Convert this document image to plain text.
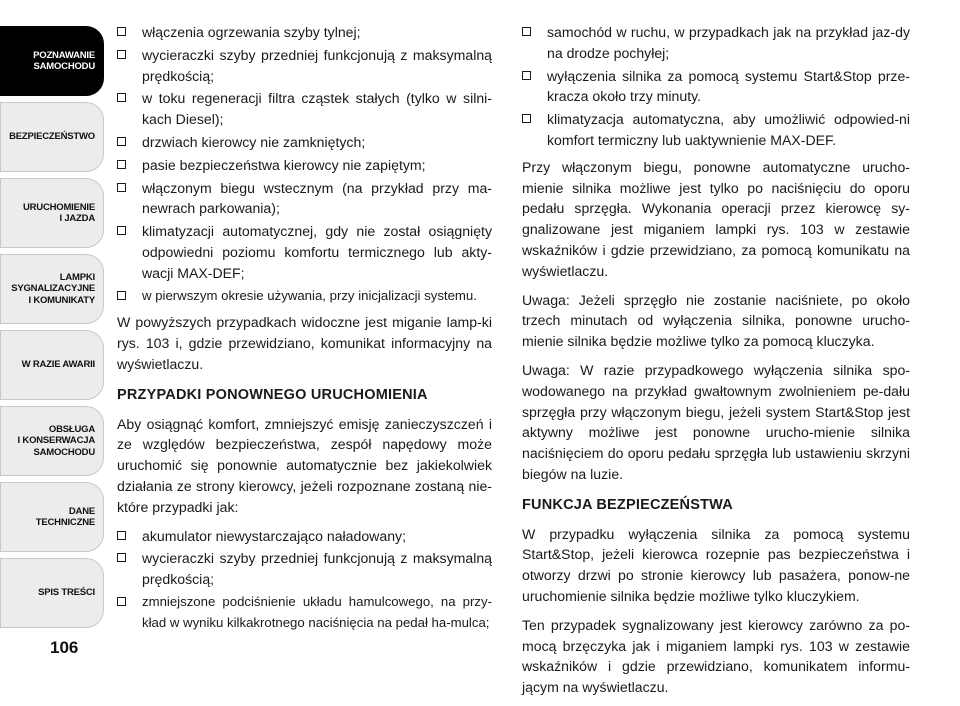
POZNAWANIE
SAMOCHODU
BEZPIECZEŃSTWO
URUCHOMIENIE
I JAZDA
LAMPKI
SYGNALIZACYJNE
I KOMUNIKATY
W RAZIE AWARII
OBSŁUGA
I KONSERWACJA
SAMOCHODU
DANE
TECHNICZNE
SPIS TREŚCI
106
włączenia ogrzewania szyby tylnej;
wycieraczki szyby przedniej funkcjonują z maksymalną prędkością;
w toku regeneracji filtra cząstek stałych (tylko w silni-kach Diesel);
drzwiach kierowcy nie zamkniętych;
pasie bezpieczeństwa kierowcy nie zapiętym;
włączonym biegu wstecznym (na przykład przy ma-newrach parkowania);
klimatyzacji automatycznej, gdy nie został osiągnięty odpowiedni poziomu komfortu termicznego lub akty-wacji MAX-DEF;
w pierwszym okresie używania, przy inicjalizacji systemu.

W powyższych przypadkach widoczne jest miganie lamp-ki rys. 103 i, gdzie przewidziano, komunikat informacyjny na wyświetlaczu.

PRZYPADKI PONOWNEGO URUCHOMIENIA

Aby osiągnąć komfort, zmniejszyć emisję zanieczyszczeń i ze względów bezpieczeństwa, zespół napędowy może uruchomić się ponownie automatycznie bez jakiekolwiek działania ze strony kierowcy, jeżeli rozpoznane zostaną nie-które przypadki jak:

akumulator niewystarczająco naładowany;
wycieraczki szyby przedniej funkcjonują z maksymalną prędkością;
zmniejszone podciśnienie układu hamulcowego, na przy-kład w wyniku kilkakrotnego naciśnięcia na pedał ha-mulca;
samochód w ruchu, w przypadkach jak na przykład jaz-dy na drodze pochyłej;
wyłączenia silnika za pomocą systemu Start&Stop prze-kracza około trzy minuty.
klimatyzacja automatyczna, aby umożliwić odpowied-ni komfort termiczny lub uaktywnienie MAX-DEF.

Przy włączonym biegu, ponowne automatyczne urucho-mienie silnika możliwe jest tylko po naciśnięciu do oporu pedału sprzęgła. Wykonania operacji przez kierowcę sy-gnalizowane jest miganiem lampki rys. 103 w zestawie wskaźników i gdzie przewidziano, za pomocą komunikatu na wyświetlaczu.

Uwaga: Jeżeli sprzęgło nie zostanie naciśniete, po około trzech minutach od wyłączenia silnika, ponowne urucho-mienie silnika będzie możliwe tylko za pomocą kluczyka.

Uwaga: W razie przypadkowego wyłączenia silnika spo-wodowanego na przykład gwałtownym zwolnieniem pe-dału sprzęgła przy włączonym biegu, jeżeli system Start&Stop jest aktywny możliwe jest ponowne urucho-mienie silnika naciśnięciem do oporu pedału sprzęgła lub ustawieniu skrzyni biegów na luzie.

FUNKCJA BEZPIECZEŃSTWA

W przypadku wyłączenia silnika za pomocą systemu Start&Stop, jeżeli kierowca rozepnie pas bezpieczeństwa i otworzy drzwi po stronie kierowcy lub pasażera, ponow-ne uruchomienie silnika będzie możliwe tylko kluczykiem.

Ten przypadek sygnalizowany jest kierowcy zarówno za po-mocą brzęczyka jak i miganiem lampki rys. 103 w zestawie wskaźników i gdzie przewidziano, komunikatem informu-jącym na wyświetlaczu.
